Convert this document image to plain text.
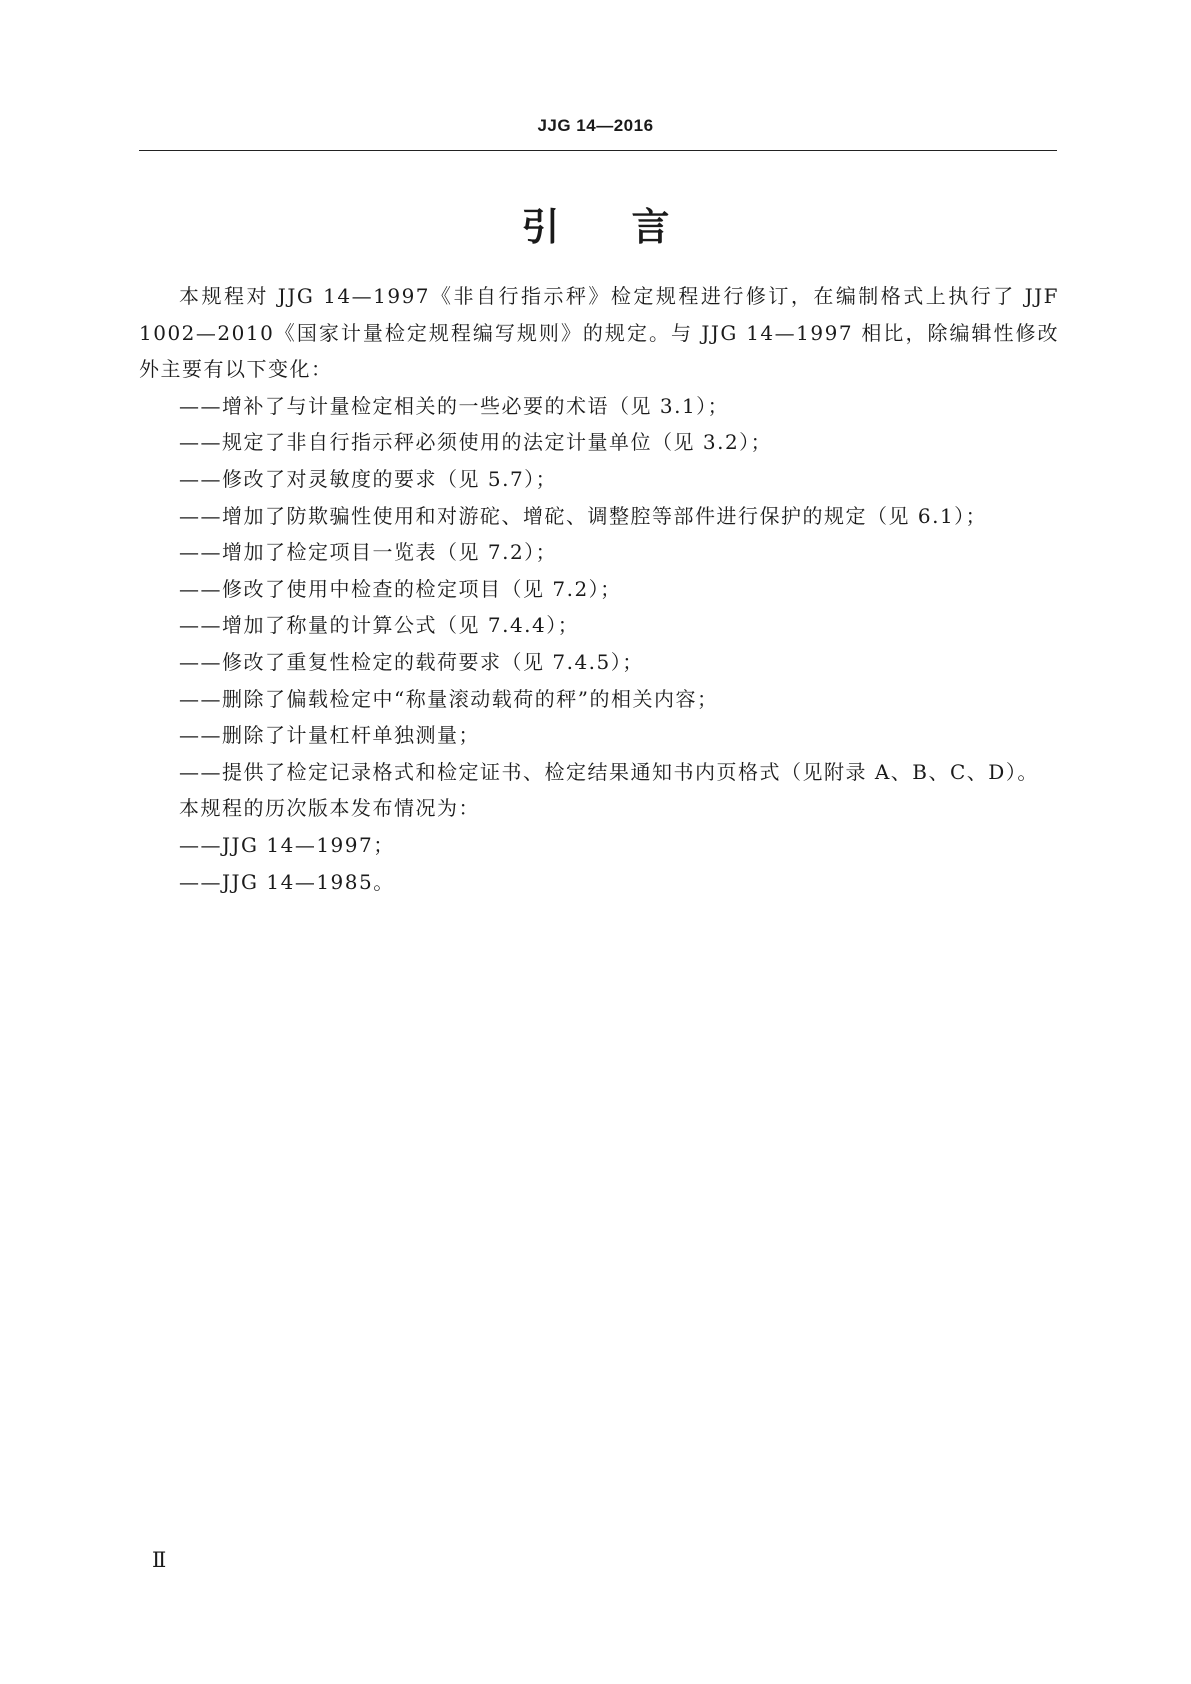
JJG 14—2016
引言

本规程对 JJG 14—1997《非自行指示秤》检定规程进行修订，在编制格式上执行了 JJF 1002—2010《国家计量检定规程编写规则》的规定。与 JJG 14—1997 相比，除编辑性修改外主要有以下变化：

——增补了与计量检定相关的一些必要的术语（见 3.1）；

——规定了非自行指示秤必须使用的法定计量单位（见 3.2）；

——修改了对灵敏度的要求（见 5.7）；

——增加了防欺骗性使用和对游砣、增砣、调整腔等部件进行保护的规定（见 6.1）；

——增加了检定项目一览表（见 7.2）；

——修改了使用中检查的检定项目（见 7.2）；

——增加了称量的计算公式（见 7.4.4）；

——修改了重复性检定的载荷要求（见 7.4.5）；

——删除了偏载检定中“称量滚动载荷的秤”的相关内容；

——删除了计量杠杆单独测量；

——提供了检定记录格式和检定证书、检定结果通知书内页格式（见附录 A、B、C、D）。

本规程的历次版本发布情况为：

——JJG 14—1997；

——JJG 14—1985。

Ⅱ
